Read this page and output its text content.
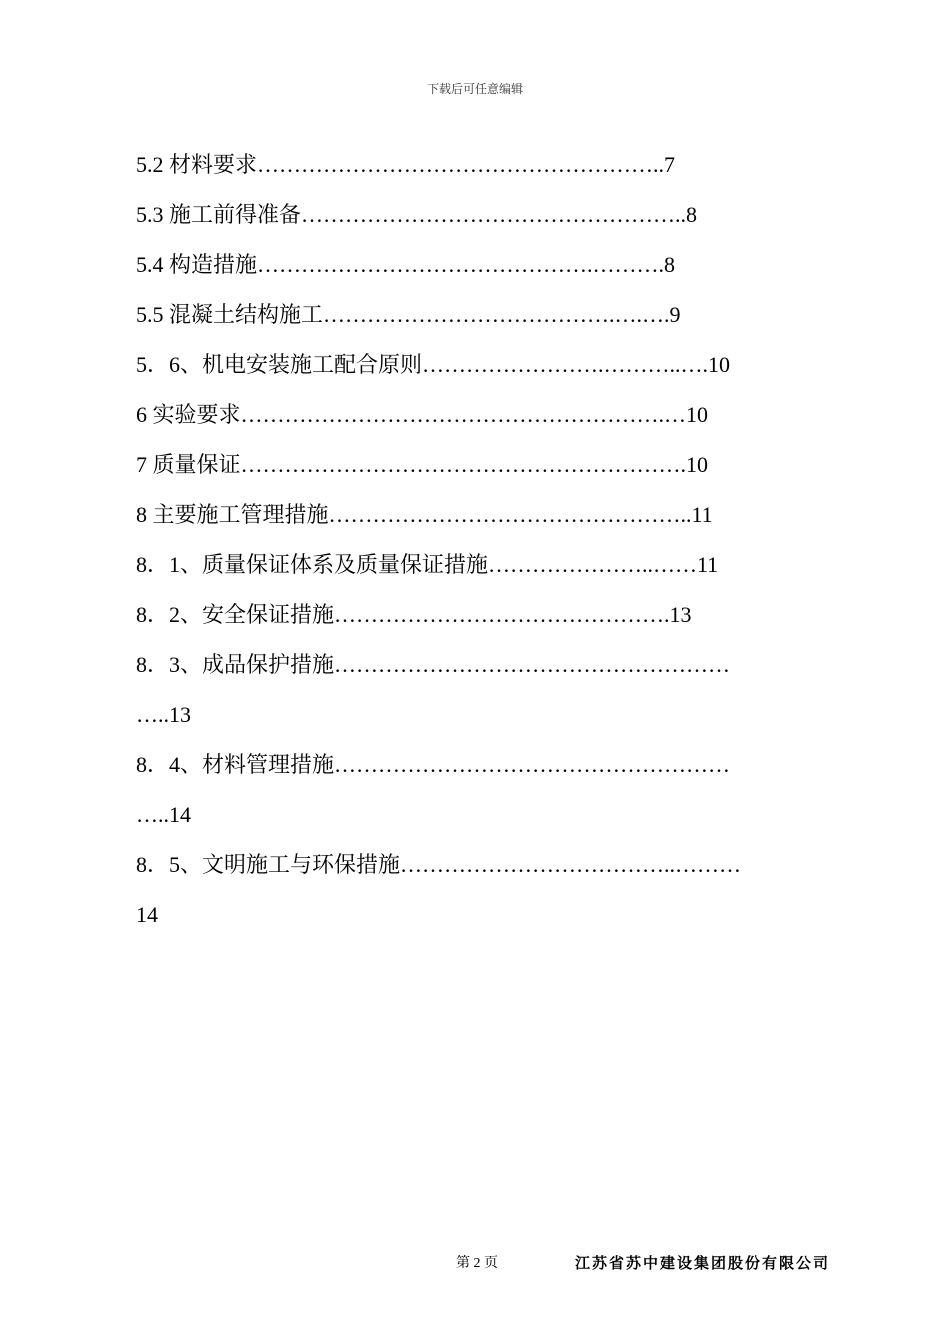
下载后可任意编辑
5.2 材料要求………………………………………………..7
5.3 施工前得准备……………………………………………..8
5.4 构造措施……………………………………….……….8
5.5 混凝土结构施工………………………………….….….9
5．6、机电安装施工配合原则…………………….………..….10
6 实验要求………………………………………………….…10
7 质量保证…………………………………………………….10
8 主要施工管理措施…………………………………………..11
8．1、质量保证体系及质量保证措施…………………..……11
8．2、安全保证措施……………………………………….13
8．3、成品保护措施………………………………………………
…..13
8．4、材料管理措施………………………………………………
…..14
8．5、文明施工与环保措施………………………………..………
14
第 2 页	江苏省苏中建设集团股份有限公司
